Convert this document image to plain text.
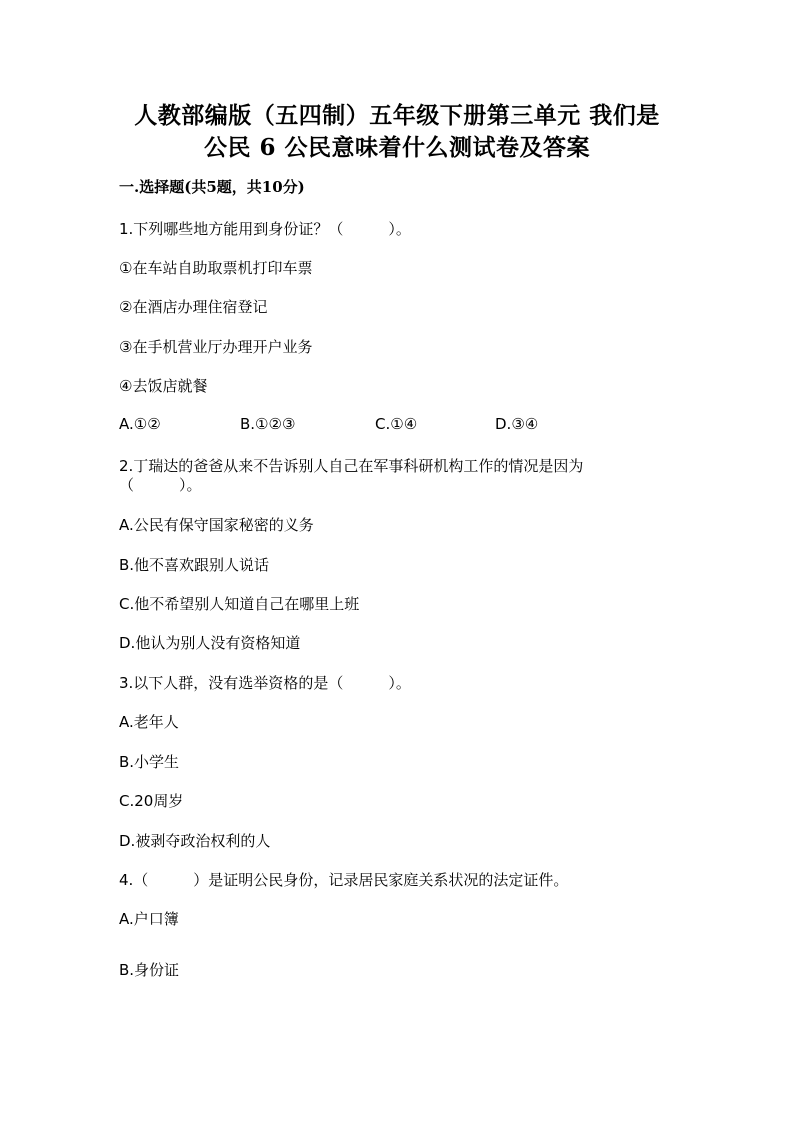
人教部编版（五四制）五年级下册第三单元 我们是
公民 6 公民意味着什么测试卷及答案
一.选择题(共5题，共10分)
1.下列哪些地方能用到身份证？（　　　）。
①在车站自助取票机打印车票
②在酒店办理住宿登记
③在手机营业厅办理开户业务
④去饭店就餐
A.①②	B.①②③	C.①④	D.③④
2.丁瑞达的爸爸从来不告诉别人自己在军事科研机构工作的情况是因为
（　　　）。
A.公民有保守国家秘密的义务
B.他不喜欢跟别人说话
C.他不希望别人知道自己在哪里上班
D.他认为别人没有资格知道
3.以下人群，没有选举资格的是（　　　）。
A.老年人
B.小学生
C.20周岁
D.被剥夺政治权利的人
4.（　　　）是证明公民身份，记录居民家庭关系状况的法定证件。
A.户口簿
B.身份证
